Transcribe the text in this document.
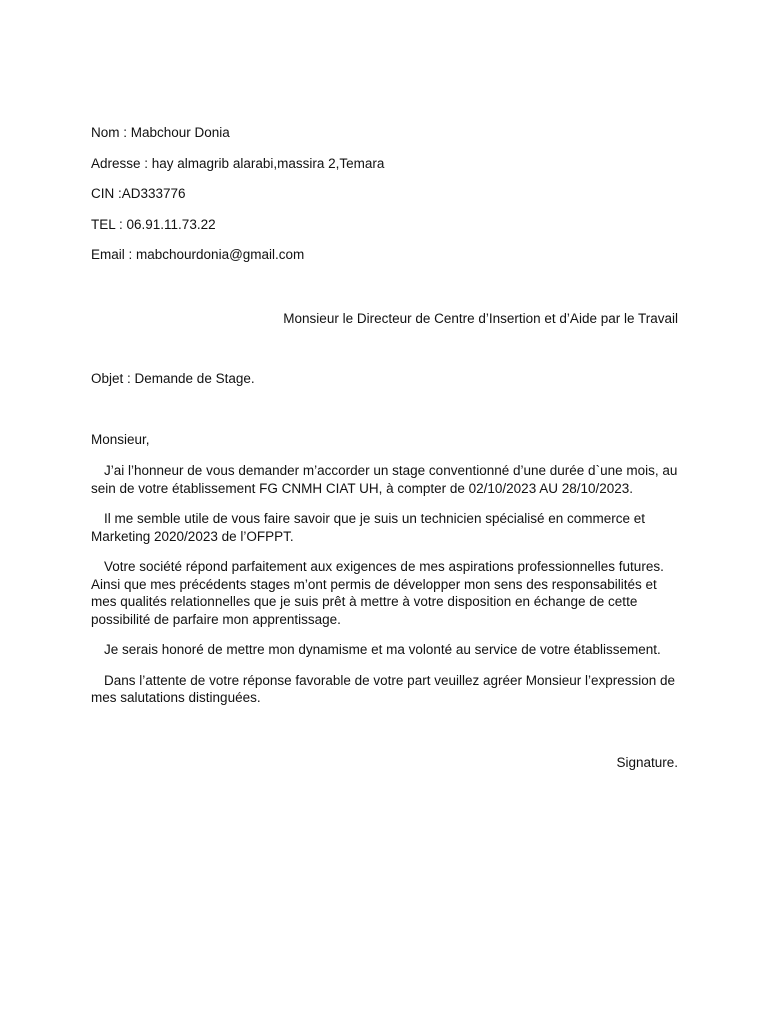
Nom : Mabchour Donia
Adresse : hay almagrib alarabi,massira 2,Temara
CIN :AD333776
TEL : 06.91.11.73.22
Email : mabchourdonia@gmail.com
Monsieur le Directeur de Centre d’Insertion et d’Aide par le Travail
Objet : Demande de Stage.
Monsieur,

J’ai l’honneur de vous demander m’accorder un stage conventionné d’une durée d`une mois, au sein de votre établissement FG CNMH CIAT UH, à compter de 02/10/2023 AU 28/10/2023.

Il me semble utile de vous faire savoir que je suis un technicien spécialisé en commerce et Marketing 2020/2023 de l’OFPPT.

Votre société répond parfaitement aux exigences de mes aspirations professionnelles futures. Ainsi que mes précédents stages m’ont permis de développer mon sens des responsabilités et mes qualités relationnelles que je suis prêt à mettre à votre disposition en échange de cette possibilité de parfaire mon apprentissage.

Je serais honoré de mettre mon dynamisme et ma volonté au service de votre établissement.

Dans l’attente de votre réponse favorable de votre part veuillez agréer Monsieur l’expression de mes salutations distinguées.

Signature.
